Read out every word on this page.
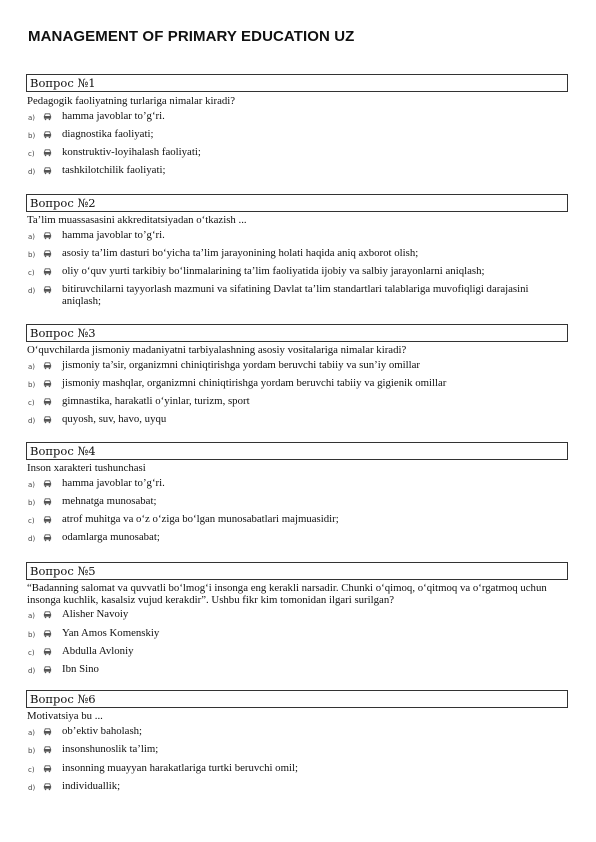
MANAGEMENT OF PRIMARY EDUCATION UZ
Вопрос №1
Pedagogik faoliyatning turlariga nimalar kiradi?
a)	hamma javoblar to’g‘ri.
b)	diagnostika faoliyati;
c)	konstruktiv-loyihalash faoliyati;
d)	tashkilotchilik faoliyati;
Вопрос №2
Ta’lim muassasasini akkreditatsiyadan o‘tkazish ...
a)	hamma javoblar to’g‘ri.
b)	asosiy ta’lim dasturi bo‘yicha ta’lim jarayonining holati haqida aniq axborot olish;
c)	oliy o‘quv yurti tarkibiy bo‘linmalarining ta’lim faoliyatida ijobiy va salbiy jarayonlarni aniqlash;
d)	bitiruvchilarni tayyorlash mazmuni va sifatining Davlat ta’lim standartlari talablariga muvofiqligi darajasini aniqlash;
Вопрос №3
O‘quvchilarda jismoniy madaniyatni tarbiyalashning asosiy vositalariga nimalar kiradi?
a)	jismoniy ta’sir, organizmni chiniqtirishga yordam beruvchi tabiiy va sun’iy omillar
b)	jismoniy mashqlar, organizmni chiniqtirishga yordam beruvchi tabiiy va gigienik omillar
c)	gimnastika, harakatli o‘yinlar, turizm, sport
d)	quyosh, suv, havo, uyqu
Вопрос №4
Inson xarakteri tushunchasi
a)	hamma javoblar to’g‘ri.
b)	mehnatga munosabat;
c)	atrof muhitga va o‘z o‘ziga bo‘lgan munosabatlari majmuasidir;
d)	odamlarga munosabat;
Вопрос №5
“Badanning salomat va quvvatli bo‘lmog‘i insonga eng kerakli narsadir. Chunki o‘qimoq, o‘qitmoq va o‘rgatmoq uchun insonga kuchlik, kasalsiz vujud kerakdir”. Ushbu fikr kim tomonidan ilgari surilgan?
a)	Alisher Navoiy
b)	Yan Amos Komenskiy
c)	Abdulla Avloniy
d)	Ibn Sino
Вопрос №6
Motivatsiya bu ...
a)	ob’ektiv baholash;
b)	insonshunoslik ta’lim;
c)	insonning muayyan harakatlariga turtki beruvchi omil;
d)	individuallik;
